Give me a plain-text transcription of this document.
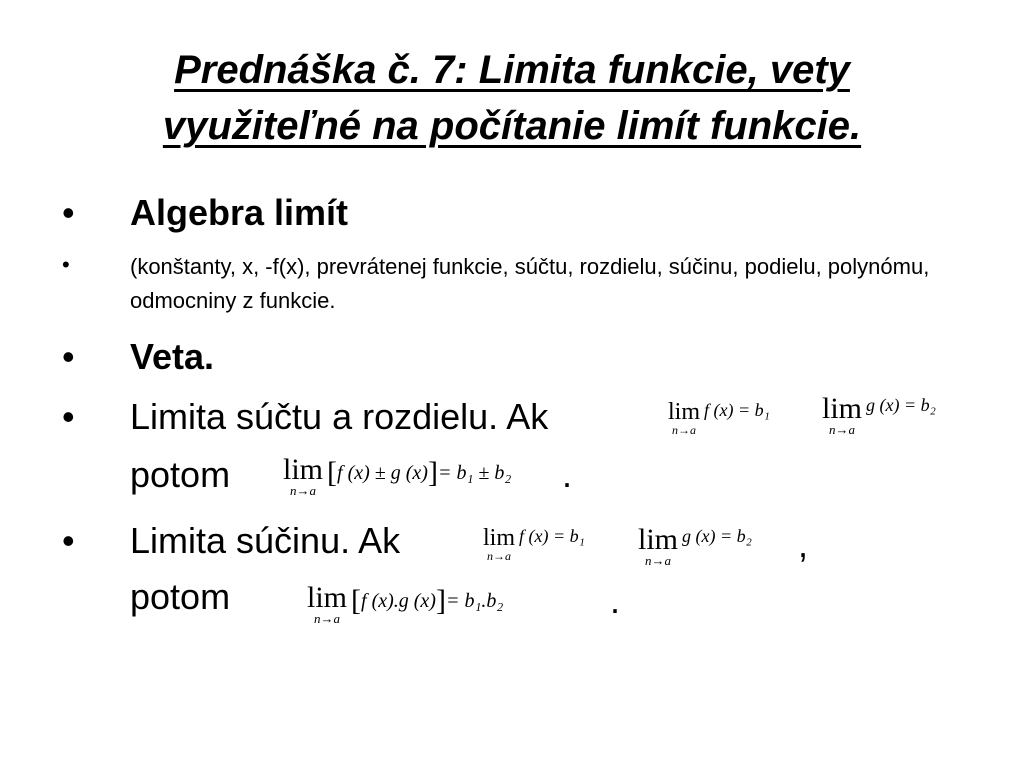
Prednáška č. 7: Limita funkcie, vety
využiteľné na počítanie limít funkcie.
• Algebra limít
•	(konštanty, x, -f(x), prevrátenej funkcie, súčtu, rozdielu, súčinu, podielu, polynómu, odmocniny z funkcie.
• Veta.
• Limita súčtu a rozdielu. Ak	lim
n→a
f (x) = b₁ lim
n→a
g (x) = b₂
potom lim
n→a
[f (x) ± g (x)]= b₁ ± b₂ .
• Limita súčinu. Ak	lim
n→a
f (x) = b₁ lim
n→a
g (x) = b₂ ,
potom	lim
n→a
[f (x).g (x)]= b₁.b₂	.
